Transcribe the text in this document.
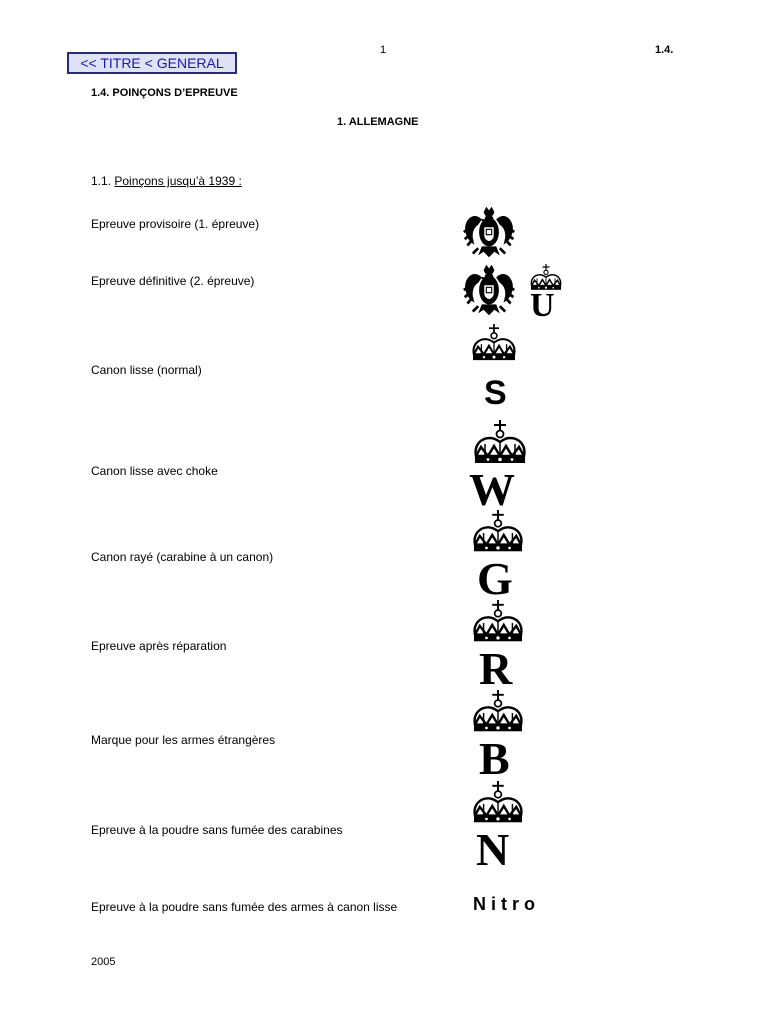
<< TITRE < GENERAL
1	1.4.
1.4. POINÇONS D’EPREUVE
1. ALLEMAGNE
1.1. Poinçons jusqu’à 1939 :
Epreuve provisoire (1. épreuve)
Epreuve définitive (2. épreuve)
Canon lisse (normal)
Canon lisse avec choke
Canon rayé (carabine à un canon)
Epreuve après réparation
Marque pour les armes étrangères
Epreuve à la poudre sans fumée des carabines
Epreuve à la poudre sans fumée des armes à canon lisse
U
S
W
G
R
B
N
Nitro
2005
